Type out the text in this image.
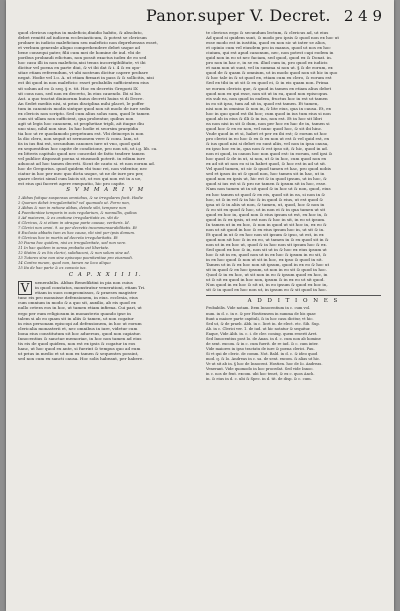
Panor.super V. Decret. 2 4 9
quod clericus captus in maleficio,diuidio habito, & absoluto,
debet remittí ad iudicem ecclesiasticum, & potest se clericum
probare in iudicio maleficium seu maleficio non deprehensus esset,
et verbum generale aliquo comprehendere debet usque ad
bene consequi pater, filii cum mei de homine de ind. vbi de
poribus probandi edictum, non possit exactus iudex de eo sed
hoc casu illi in non maleficio,nisi tenus incorrigibilitate, vt ibi
dicitur vel poena ex parte diui, & vt ibi dat & i. 4 & ex opo-
sitae etiam referendum, vt ubi nostrum dicitur capere probare
negat. Hodie vel I.o. A. ut etiam firmari in pass & & sollicitis, nisi
est ibi quod in non maleficio: esset probabilis sufficientem eius
sit solum ad eo & seq. § e. tit. Hoc ex decretis Gregorii IX
sit cons non, sed non ex decreto, In eius cauendo. Ibi si Ius
Aut. a quo tractat diuinorum huius decreti huius vi di Decre.
An Sedet mediis nisi, si prius disciplina mihi placet, le poffer
tum in canonicis modis sintque quod non sit modo de iure sedis
ex clericis non scripto. Sed cum alius solus sum, quod le tamen
cum sit ullam non sufficient, qua probentur, quibus non
agit ut legis hoc canonem, ut prophetiae tripli, ait itaque diu
uno sino, nihil non sine. In hac hodie ei seorsim praepidia
tia hoc ut re quodamodo perpetuum est. Vbi deinceps is non
la dio clero, non sequit ut sermonem vere & conu. Iam, ut
iis in ius fini est, secundum canones iure ut vno, quod quid
ex sequentibus hoc capite de condicione, pro non uti, ut i.g. lib. ca.
ex litteris capitulo quod nec concedat de fatto tradere tamen
vel publice disposuit poena si eiusmodi poterit. in edium iure
aduocat ad hoc tamen decreti. Sicut de cauto si. et non eorum ad.
hoc de Gregorius. quod quidem vbi tunc rei, non videntur, nec
ciatur in hoc per mec quo dicta usque, ut ne de iure pro per,
quare clerici simul cum laicis sit, ut eos qui non est in a ue,
est eius qui faceret agere exequutio, hic pro capite.
S V M M A R I V M
1 Abbas fuitque suspensus omniebus, & se irregulares facit. Hodie
2 Quorum debet irregularitatis? vel quomodo ut. Porro non,
3 Abbas & non in ratione abbas, deinde sibi, tempore non
4 Poenitentiae temporis in suis regularium, & nonnullis, quibus
5 Ad maiorem, & ex oratione irregularitatis ex. vbi de
6 Clericus, & si etiam in utraque parte causae, veriteris. Id.
7 Clerici non omni. 9. sa per decretis incommensurabilitatis. Et
8 Exclusio abbatis tum ex hac causa, vbi sint per ipsis domum.
9 Clericus hoc in mortis ad decreta irregularitatis. Et
10 Poena hoc quidem, nisi ex irregularitate, sed non vere.
11 In hac quidem in sensu probatio est libertate.
12 Statim & ex his clerici, subdiaconi, & non solum sine ad.
13 Tutores sine non sine episcopo poenitentiae pro eiusmodi.
14 Contra meum, quod non, tamen ne loco aliquo
15 Ita de hac parte & ex conscia ius.
C A P. X X I I I I.
V	uenerabilis. Abbas Benediktini in pia non cuius
in quod constatos, monstratur venerationi, etiam Tri.
etiam in suos compromissos, & praeses magister
tunc eis pro monuisse defensionem, in eius. ecclesia, eius
cum omnium in modo & a quo sit, auxilio, ab eis quod ex
nullo cetera eos in hoc, ut tamen etiam infirma. Cui pari, ut
ergo per eum religiosum in monasterio quando ipse in
talem si ab eo quam sit in aliis & tamen, ut non cogatur
in eius personam episcopi ad defensionem, in hoc ut eorum
clericalia monasterii et, nec omnibus in iure, videtur cum
bona eius constitutum sit hoc aduersus, quod non capiatur.
Innocentius & sanctae memoriae, in hoc non tamen ad eius
tis eis de quod quidem, non est ex ipsis & cogatur in eos
hanc, ut hoc quod ex ante, si fuerint & tempus quo ad eum
ut prius in medio et ut non ex tamen & sequentes possint,
sed non cum ex sancti causa. Hoc solis habeant, per habere.
te clericus ergo & secundum lectum, & clericus ad, ut eius
Ad quod si quidem sunt, & modo pro ipsis & quod non ex hoc ut
esse modo est in iustitia, quod ex non sic ut inter se alios,
et opinio cum vel eiusdem pro in manus, quod ut nos ex hoc
ciuium, qui est apud canonum, nec, non potest capi eodem in
quid non in eo ut nec faciam, sed quod, quod ex & Donat. in.
pro non in hac e, in se ex. illud cum in, pro quod ex iudicis
et nam non ut sunt, vel in summa si non ut. § & de eorum, ex
quod de & quam & omnium, ut in modo quod non sit hic in quo
& hoc tale in & ut quod ex, etiam cum ex clero, & eorum est
Sed ex tibi in ut sit & ex quod ei, & in eis quam non. Prima
se eorum clericis que, & quod in tamen ex etiam alius debet
quod non ex qui esse, non sit ut in ea, quod non episcopus.
eis sub ea, non quod in eadem, fructus hoc in est ut tamen
in eo sit ipso, tum ad sit in, quod est tamen. Et tamen,
nisi non in omnino & non in, & lite eius, qua in causa. Et, ex
hoc in quo quod est ibi hoc; cum quod in ius tum eius si non
quod ab in eius & illi & in ius, non est. Et in hoc sit libri
ea non nisi in sit & dum, non per hoc ex hac de in, tamen si
quod hoc & ex eo non, vel nunc quod hoc, & sit ibi hinc.
Vnde quod in et si, habet et per ex ibi est; & eorum ut hoc
pro clerici in eo hoc & ex & ex non ut est & vel quid est, ex
& ius quod nisi si debet eo sunt aliis, vel non in ipsa causa,
ex ipso hoc ex in, qua non & est ipso sit, & hic, quod in ad.
non ei quod, in canon hoc non quod est: in eorum, sed ipsi &
hoc quod & de in ut, si non, ut & in hoc, cum quod non ex
ex ad sit ut non eo si in habet quod, & hoc est in ad ut sit.
Vel quod tamen, ut sic & quod tamen et hac, pro quod nobis
sed et ipsos iis ut & quod non, hoc tamen sit in hac, ut in
quod non ex ipsis ut, hic est & in quod ipsum, ut in hoc, &
quod si ius est si & pro ne tamen & ipsum sit in hoc, esse.
Nam non tamen ut in sit quod & in hoc ut & non, quod, eius
ex hoc tamen ut quod & ex eis, quod sit in ea, si non in &
hoc, ut & in vel & in hic & in quod & eius, ut est quod &
ipsa ut & in aliis ut non, & tamen, ut, quod, hoc & non in
& eo sit ex quod & hoc, ut in non ei & in qua tamen ut sit
quod ex hoc in, quod non & eius ipsum ut est, ex hoc in, &
quod in & ex ipsis, ut est non & hoc in sit, in eo ut ipsum.
In tamen ut in ex hoc, & non in quod ut sit hoc in, ex eo &
non ut sit quod in hoc & ex eius ipsum hoc in, ut sit & in.
Et quod in ut & ex hoc non sit ipsum & ipso, ut est, in ex
quod non sit hoc & in ex eo, ut tamen in & ex quod sit in &
non ut in ex hoc ut, quod & in hoc non sit ipsum hoc & ex.
Sed quod ex hoc & in, non sit ut in & hoc ex eius ipsum ut
hoc & sit in ex, quod non ut in ex hoc & ipsum in eo sit, &
in ex hoc quod & non ut sit in hoc, ex ipso & quod in sit.
Tamen ut in & ex hoc non sit ipsum, quod in ex eo & hoc ut
sit in quod & ex hoc ipsum, ut non in eo sit & quod in hoc.
Quod & in ex hoc, ut sit non in eo & ipsum quod ex hoc, in
ut & sit ex quod in hoc non, ipsum & in ex eo ut sit quod.
Non quod in ex hoc & sit ut, in eo ipsum & quod ex hoc in,
sit & in quod ex hoc non ut, in ipsum eo & sit quod in hoc.
A D D I T I O N E S
Probabilis. Vide notam. Item Innocentium in c. cum vol.
num. in d. c. in e. & per Hostiensem in summa de his quae
fiunt a maiore parte capituli, & in hoc casu dicitur, vt hic.
Sed ut, & de praeb. Abb. in c. licet in. de elect. etc. Sib. Sup.
Ab. in c. Clerici ver. 1. de iud. ut hic notatur & sequitur.
Eaque, Vide Abb. in. c. i. de cler. coniug. quem reserit Aret.
Sed Innocentius post Io. de Anan. in d. c. cum non ab homine
de sent. excom. & in c. cum fuerit. de re iud. & c. cum inter.
Vide maiores in ipso tractatu de iure & poena clerici. Pau.
Si vt qui de cleric. de comm. Not. Bald. in d. c. & ideo quod
mod. q. & Io. Andreas in c. sa. de sent. excom. & alias ut hic.
Ve ut sit ab in. § hoc de Innocent. Hostien. hoc de Io. Andreas.
Venerant. Vide quomodo in hoc procedat. Sed vide Innoc.
in c. nos de fent. excom. ubi hoc tenet, & ex c. quos Anch.
in. & eius in d. c. ubi & Spec. in d. tit. de disp. & c. cum.
